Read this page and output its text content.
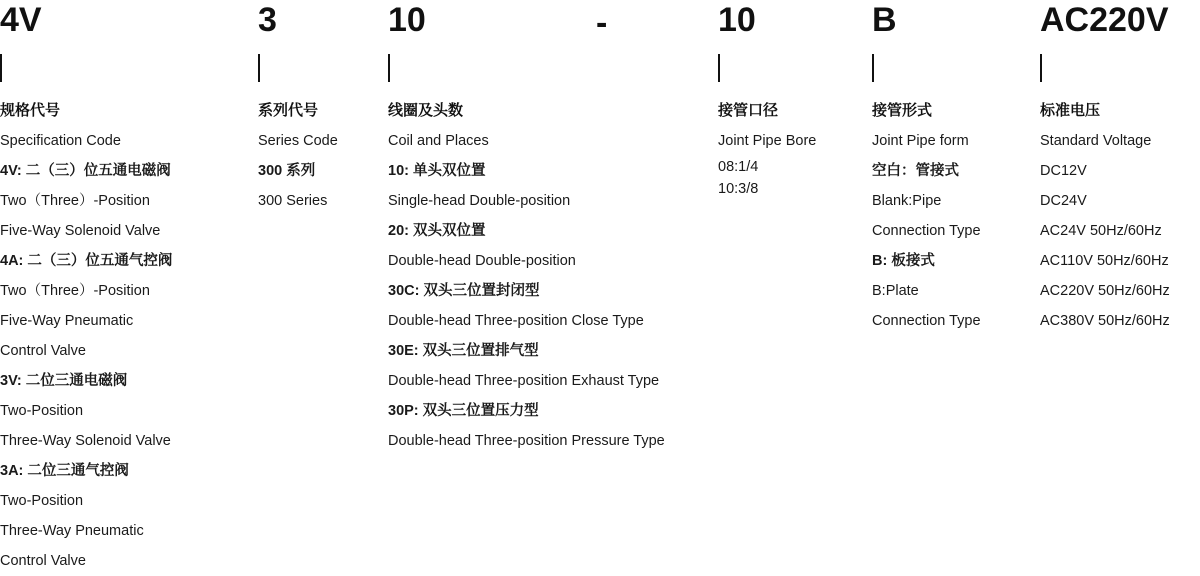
-
4V
规格代号
Specification Code
4V: 二（三）位五通电磁阀
Two（Three）-Position
Five-Way Solenoid Valve
4A: 二（三）位五通气控阀
Two（Three）-Position
Five-Way Pneumatic
Control Valve
3V: 二位三通电磁阀
Two-Position
Three-Way Solenoid Valve
3A: 二位三通气控阀
Two-Position
Three-Way Pneumatic
Control Valve
3
系列代号
Series Code
300 系列
300 Series
10
线圈及头数
Coil and Places
10: 单头双位置
Single-head Double-position
20: 双头双位置
Double-head Double-position
30C: 双头三位置封闭型
Double-head Three-position Close Type
30E: 双头三位置排气型
Double-head Three-position Exhaust Type
30P: 双头三位置压力型
Double-head Three-position Pressure Type
10
接管口径
Joint Pipe Bore
08:1/4
10:3/8
B
接管形式
Joint Pipe form
空白：管接式
Blank:Pipe
Connection Type
B: 板接式
B:Plate
Connection Type
AC220V
标准电压
Standard Voltage
DC12V
DC24V
AC24V 50Hz/60Hz
AC110V 50Hz/60Hz
AC220V 50Hz/60Hz
AC380V 50Hz/60Hz
